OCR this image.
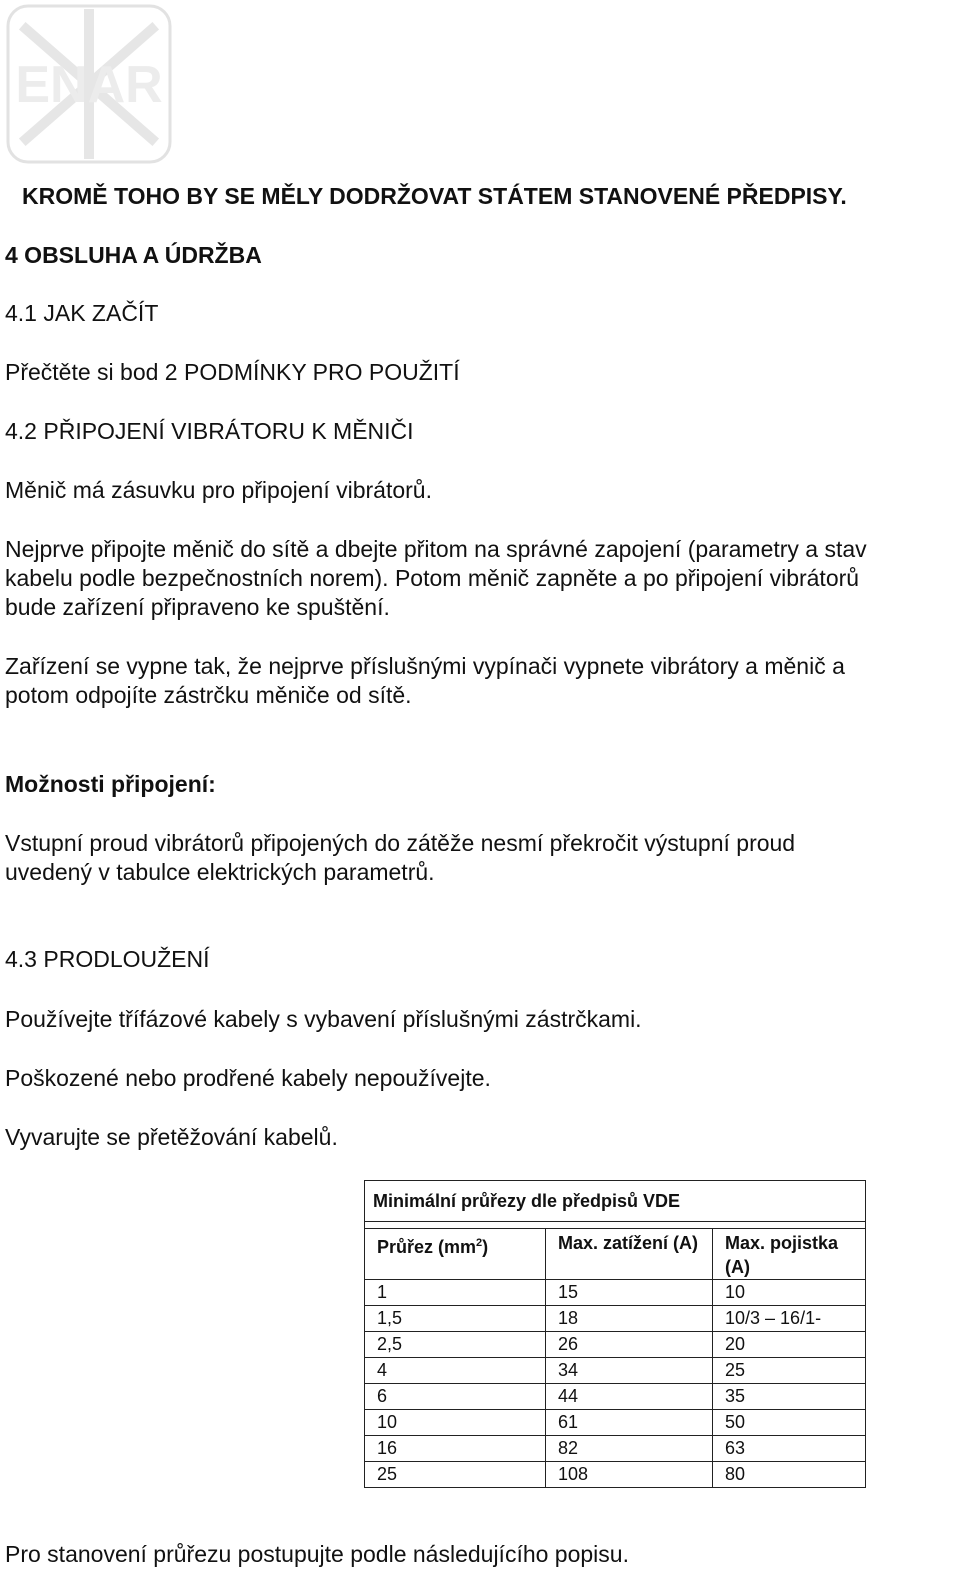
ENAR
KROMĚ TOHO BY SE MĚLY DODRŽOVAT STÁTEM STANOVENÉ PŘEDPISY.
4 OBSLUHA A ÚDRŽBA
4.1 JAK ZAČÍT

Přečtěte si bod 2 PODMÍNKY PRO POUŽITÍ

4.2 PŘIPOJENÍ VIBRÁTORU K MĚNIČI

Měnič má zásuvku pro připojení vibrátorů.

Nejprve připojte měnič do sítě a dbejte přitom na správné zapojení (parametry a stav

kabelu podle bezpečnostních norem). Potom měnič zapněte a po připojení vibrátorů

bude zařízení připraveno ke spuštění.

Zařízení se vypne tak, že nejprve příslušnými vypínači vypnete vibrátory a měnič a

potom odpojíte zástrčku měniče od sítě.

Možnosti připojení:

Vstupní proud vibrátorů připojených do zátěže nesmí překročit výstupní proud

uvedený v tabulce elektrických parametrů.

4.3 PRODLOUŽENÍ

Používejte třífázové kabely s vybavení příslušnými zástrčkami.

Poškozené nebo prodřené kabely nepoužívejte.

Vyvarujte se přetěžování kabelů.

Minimální průřezy dle předpisů VDE		

Průřez $(mm^2)$	Max. zatížení (A)	Max. pojistka (A)
1	15	10
1,5	18	10/3 – 16/1-
2,5	26	20
4	34	25
6	44	35
10	61	50
16	82	63
25	108	80

Pro stanovení průřezu postupujte podle následujícího popisu.
